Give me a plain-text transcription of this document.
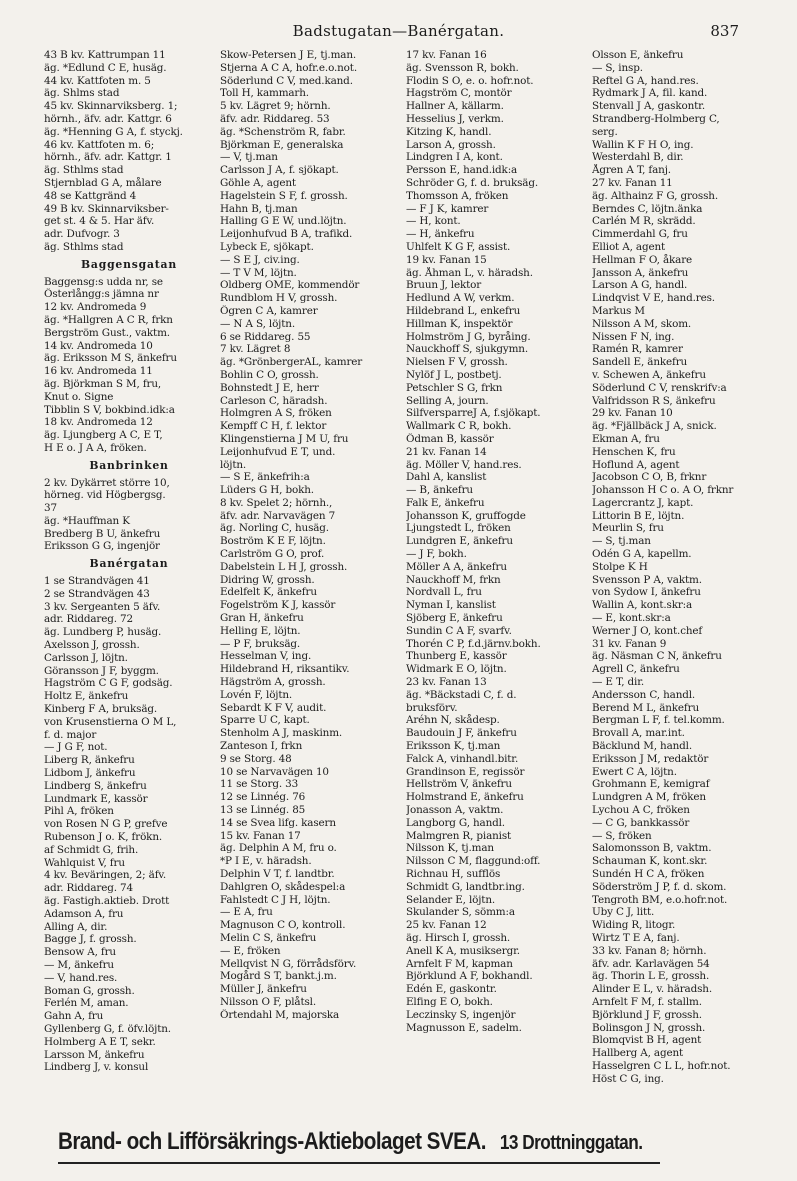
Badstugatan—Banérgatan.	837
43 B kv. Kattrumpan 11
äg. *Edlund C E, husäg.
44 kv. Kattfoten m. 5
äg. Shlms stad
45 kv. Skinnarviksberg. 1;
hörnh., äfv. adr. Kattgr. 6
äg. *Henning G A, f. styckj.
46 kv. Kattfoten m. 6;
hörnh., äfv. adr. Kattgr. 1
äg. Sthlms stad
Stjernblad G A, målare
48 se Kattgränd 4
49 B kv. Skinnarviksber-
get st. 4 & 5. Har äfv.
adr. Dufvogr. 3
äg. Sthlms stad
Baggensgatan
Baggensg:s udda nr, se
Österlångg:s jämna nr
12 kv. Andromeda 9
äg. *Hallgren A C R, frkn
Bergström Gust., vaktm.
14 kv. Andromeda 10
äg. Eriksson M S, änkefru
16 kv. Andromeda 11
äg. Björkman S M, fru,
Knut o. Signe
Tibblin S V, bokbind.idk:a
18 kv. Andromeda 12
äg. Ljungberg A C, E T,
H E o. J A A, fröken.
Banbrinken
2 kv. Dykärret större 10,
hörneg. vid Högbergsg.
37
äg. *Hauffman K
Bredberg B U, änkefru
Eriksson G G, ingenjör
Banérgatan
1 se Strandvägen 41
2 se Strandvägen 43
3 kv. Sergeanten 5 äfv.
adr. Riddareg. 72
äg. Lundberg P, husäg.
Axelsson J, grossh.
Carlsson J, löjtn.
Göransson J F, byggm.
Hagström C G F, godsäg.
Holtz E, änkefru
Kinberg F A, bruksäg.
von Krusenstierna O M L,
f. d. major
— J G F, not.
Liberg R, änkefru
Lidbom J, änkefru
Lindberg S, änkefru
Lundmark E, kassör
Pihl A, fröken
von Rosen N G P, grefve
Rubenson J o. K, frökn.
af Schmidt G, frih.
Wahlquist V, fru
4 kv. Beväringen, 2; äfv.
adr. Riddareg. 74
äg. Fastigh.aktieb. Drott
Adamson A, fru
Alling A, dir.
Bagge J, f. grossh.
Bensow A, fru
— M, änkefru
— V, hand.res.
Boman G, grossh.
Ferlén M, aman.
Gahn A, fru
Gyllenberg G, f. öfv.löjtn.
Holmberg A E T, sekr.
Larsson M, änkefru
Lindberg J, v. konsul
Skow-Petersen J E, tj.man.
Stjerna A C A, hofr.e.o.not.
Söderlund C V, med.kand.
Toll H, kammarh.
5 kv. Lägret 9; hörnh.
äfv. adr. Riddareg. 53
äg. *Schenström R, fabr.
Björkman E, generalska
— V, tj.man
Carlsson J A, f. sjökapt.
Göhle A, agent
Hagelstein S F, f. grossh.
Hahn B, tj.man
Halling G E W, und.löjtn.
Leijonhufvud B A, trafikd.
Lybeck E, sjökapt.
— S E J, civ.ing.
— T V M, löjtn.
Oldberg OME, kommendör
Rundblom H V, grossh.
Ögren C A, kamrer
— N A S, löjtn.
6 se Riddareg. 55
7 kv. Lägret 8
äg. *GrönbergerAL, kamrer
Bohlin C O, grossh.
Bohnstedt J E, herr
Carleson C, häradsh.
Holmgren A S, fröken
Kempff C H, f. lektor
Klingenstierna J M U, fru
Leijonhufvud E T, und.
löjtn.
— S E, änkefrih:a
Lüders G H, bokh.
8 kv. Spelet 2; hörnh.,
äfv. adr. Narvavägen 7
äg. Norling C, husäg.
Boström K E F, löjtn.
Carlström G O, prof.
Dabelstein L H J, grossh.
Didring W, grossh.
Edelfelt K, änkefru
Fogelström K J, kassör
Gran H, änkefru
Helling E, löjtn.
— P F, bruksäg.
Hesselman V, ing.
Hildebrand H, riksantikv.
Hägström A, grossh.
Lovén F, löjtn.
Sebardt K F V, audit.
Sparre U C, kapt.
Stenholm A J, maskinm.
Zanteson I, frkn
9 se Storg. 48
10 se Narvavägen 10
11 se Storg. 33
12 se Linnég. 76
13 se Linnég. 85
14 se Svea lifg. kasern
15 kv. Fanan 17
äg. Delphin A M, fru o.
*P I E, v. häradsh.
Delphin V T, f. landtbr.
Dahlgren O, skådespel:a
Fahlstedt C J H, löjtn.
— E A, fru
Magnuson C O, kontroll.
Melin C S, änkefru
— E, fröken
Mellqvist N G, förrådsförv.
Mogård S T, bankt.j.m.
Müller J, änkefru
Nilsson O F, plåtsl.
Örtendahl M, majorska
17 kv. Fanan 16
äg. Svensson R, bokh.
Flodin S O, e. o. hofr.not.
Hagström C, montör
Hallner A, källarm.
Hesselius J, verkm.
Kitzing K, handl.
Larson A, grossh.
Lindgren I A, kont.
Persson E, hand.idk:a
Schröder G, f. d. bruksäg.
Thomsson A, fröken
— F J K, kamrer
— H, kont.
— H, änkefru
Uhlfelt K G F, assist.
19 kv. Fanan 15
äg. Åhman L, v. häradsh.
Bruun J, lektor
Hedlund A W, verkm.
Hildebrand L, enkefru
Hillman K, inspektör
Holmström J G, byråing.
Nauckhoff S, sjukgymn.
Nielsen F V, grossh.
Nylöf J L, postbetj.
Petschler S G, frkn
Selling A, journ.
SilfversparreJ A, f.sjökapt.
Wallmark C R, bokh.
Ödman B, kassör
21 kv. Fanan 14
äg. Möller V, hand.res.
Dahl A, kanslist
— B, änkefru
Falk E, änkefru
Johansson K, gruffogde
Ljungstedt L, fröken
Lundgren E, änkefru
— J F, bokh.
Möller A A, änkefru
Nauckhoff M, frkn
Nordvall L, fru
Nyman I, kanslist
Sjöberg E, änkefru
Sundin C A F, svarfv.
Thorén C P, f.d.järnv.bokh.
Thunberg E, kassör
Widmark E O, löjtn.
23 kv. Fanan 13
äg. *Bäckstadi C, f. d.
bruksförv.
Aréhn N, skådesp.
Baudouin J F, änkefru
Eriksson K, tj.man
Falck A, vinhandl.bitr.
Grandinson E, regissör
Hellström V, änkefru
Holmstrand E, änkefru
Jonasson A, vaktm.
Langborg G, handl.
Malmgren R, pianist
Nilsson K, tj.man
Nilsson C M, flaggund:off.
Richnau H, sufflös
Schmidt G, landtbr.ing.
Selander E, löjtn.
Skulander S, sömm:a
25 kv. Fanan 12
äg. Hirsch I, grossh.
Anell K A, musiksergr.
Arnfelt F M, kapman
Björklund A F, bokhandl.
Edén E, gaskontr.
Elfing E O, bokh.
Leczinsky S, ingenjör
Magnusson E, sadelm.
Olsson E, änkefru
— S, insp.
Reftel G A, hand.res.
Rydmark J A, fil. kand.
Stenvall J A, gaskontr.
Strandberg-Holmberg C,
serg.
Wallin K F H O, ing.
Westerdahl B, dir.
Ågren A T, fanj.
27 kv. Fanan 11
äg. Althainz F G, grossh.
Berndes C, löjtn.änka
Carlén M R, skrädd.
Cimmerdahl G, fru
Elliot A, agent
Hellman F O, åkare
Jansson A, änkefru
Larson A G, handl.
Lindqvist V E, hand.res.
Markus M
Nilsson A M, skom.
Nissen F N, ing.
Ramén R, kamrer
Sandell E, änkefru
v. Schewen A, änkefru
Söderlund C V, renskrifv:a
Valfridsson R S, änkefru
29 kv. Fanan 10
äg. *Fjällbäck J A, snick.
Ekman A, fru
Henschen K, fru
Hoflund A, agent
Jacobson C O, B, frknr
Johansson H C o. A O, frknr
Lagercrantz J, kapt.
Littorin B E, löjtn.
Meurlin S, fru
— S, tj.man
Odén G A, kapellm.
Stolpe K H
Svensson P A, vaktm.
von Sydow I, änkefru
Wallin A, kont.skr:a
— E, kont.skr:a
Werner J O, kont.chef
31 kv. Fanan 9
äg. Näsman C N, änkefru
Agrell C, änkefru
— E T, dir.
Andersson C, handl.
Berend M L, änkefru
Bergman L F, f. tel.komm.
Brovall A, mar.int.
Bäcklund M, handl.
Eriksson J M, redaktör
Ewert C A, löjtn.
Grohmann E, kemigraf
Lundgren A M, fröken
Lychou A C, fröken
— C G, bankkassör
— S, fröken
Salomonsson B, vaktm.
Schauman K, kont.skr.
Sundén H C A, fröken
Söderström J P, f. d. skom.
Tengroth BM, e.o.hofr.not.
Uby C J, litt.
Widing R, litogr.
Wirtz T E A, fanj.
33 kv. Fanan 8; hörnh.
äfv. adr. Karlavägen 54
äg. Thorin L E, grossh.
Alinder E L, v. häradsh.
Arnfelt F M, f. stallm.
Björklund J F, grossh.
Bolinsgon J N, grossh.
Blomqvist B H, agent
Hallberg A, agent
Hasselgren C L L, hofr.not.
Höst C G, ing.
Brand- och Lifförsäkrings-Aktiebolaget SVEA. 13 Drottninggatan.
